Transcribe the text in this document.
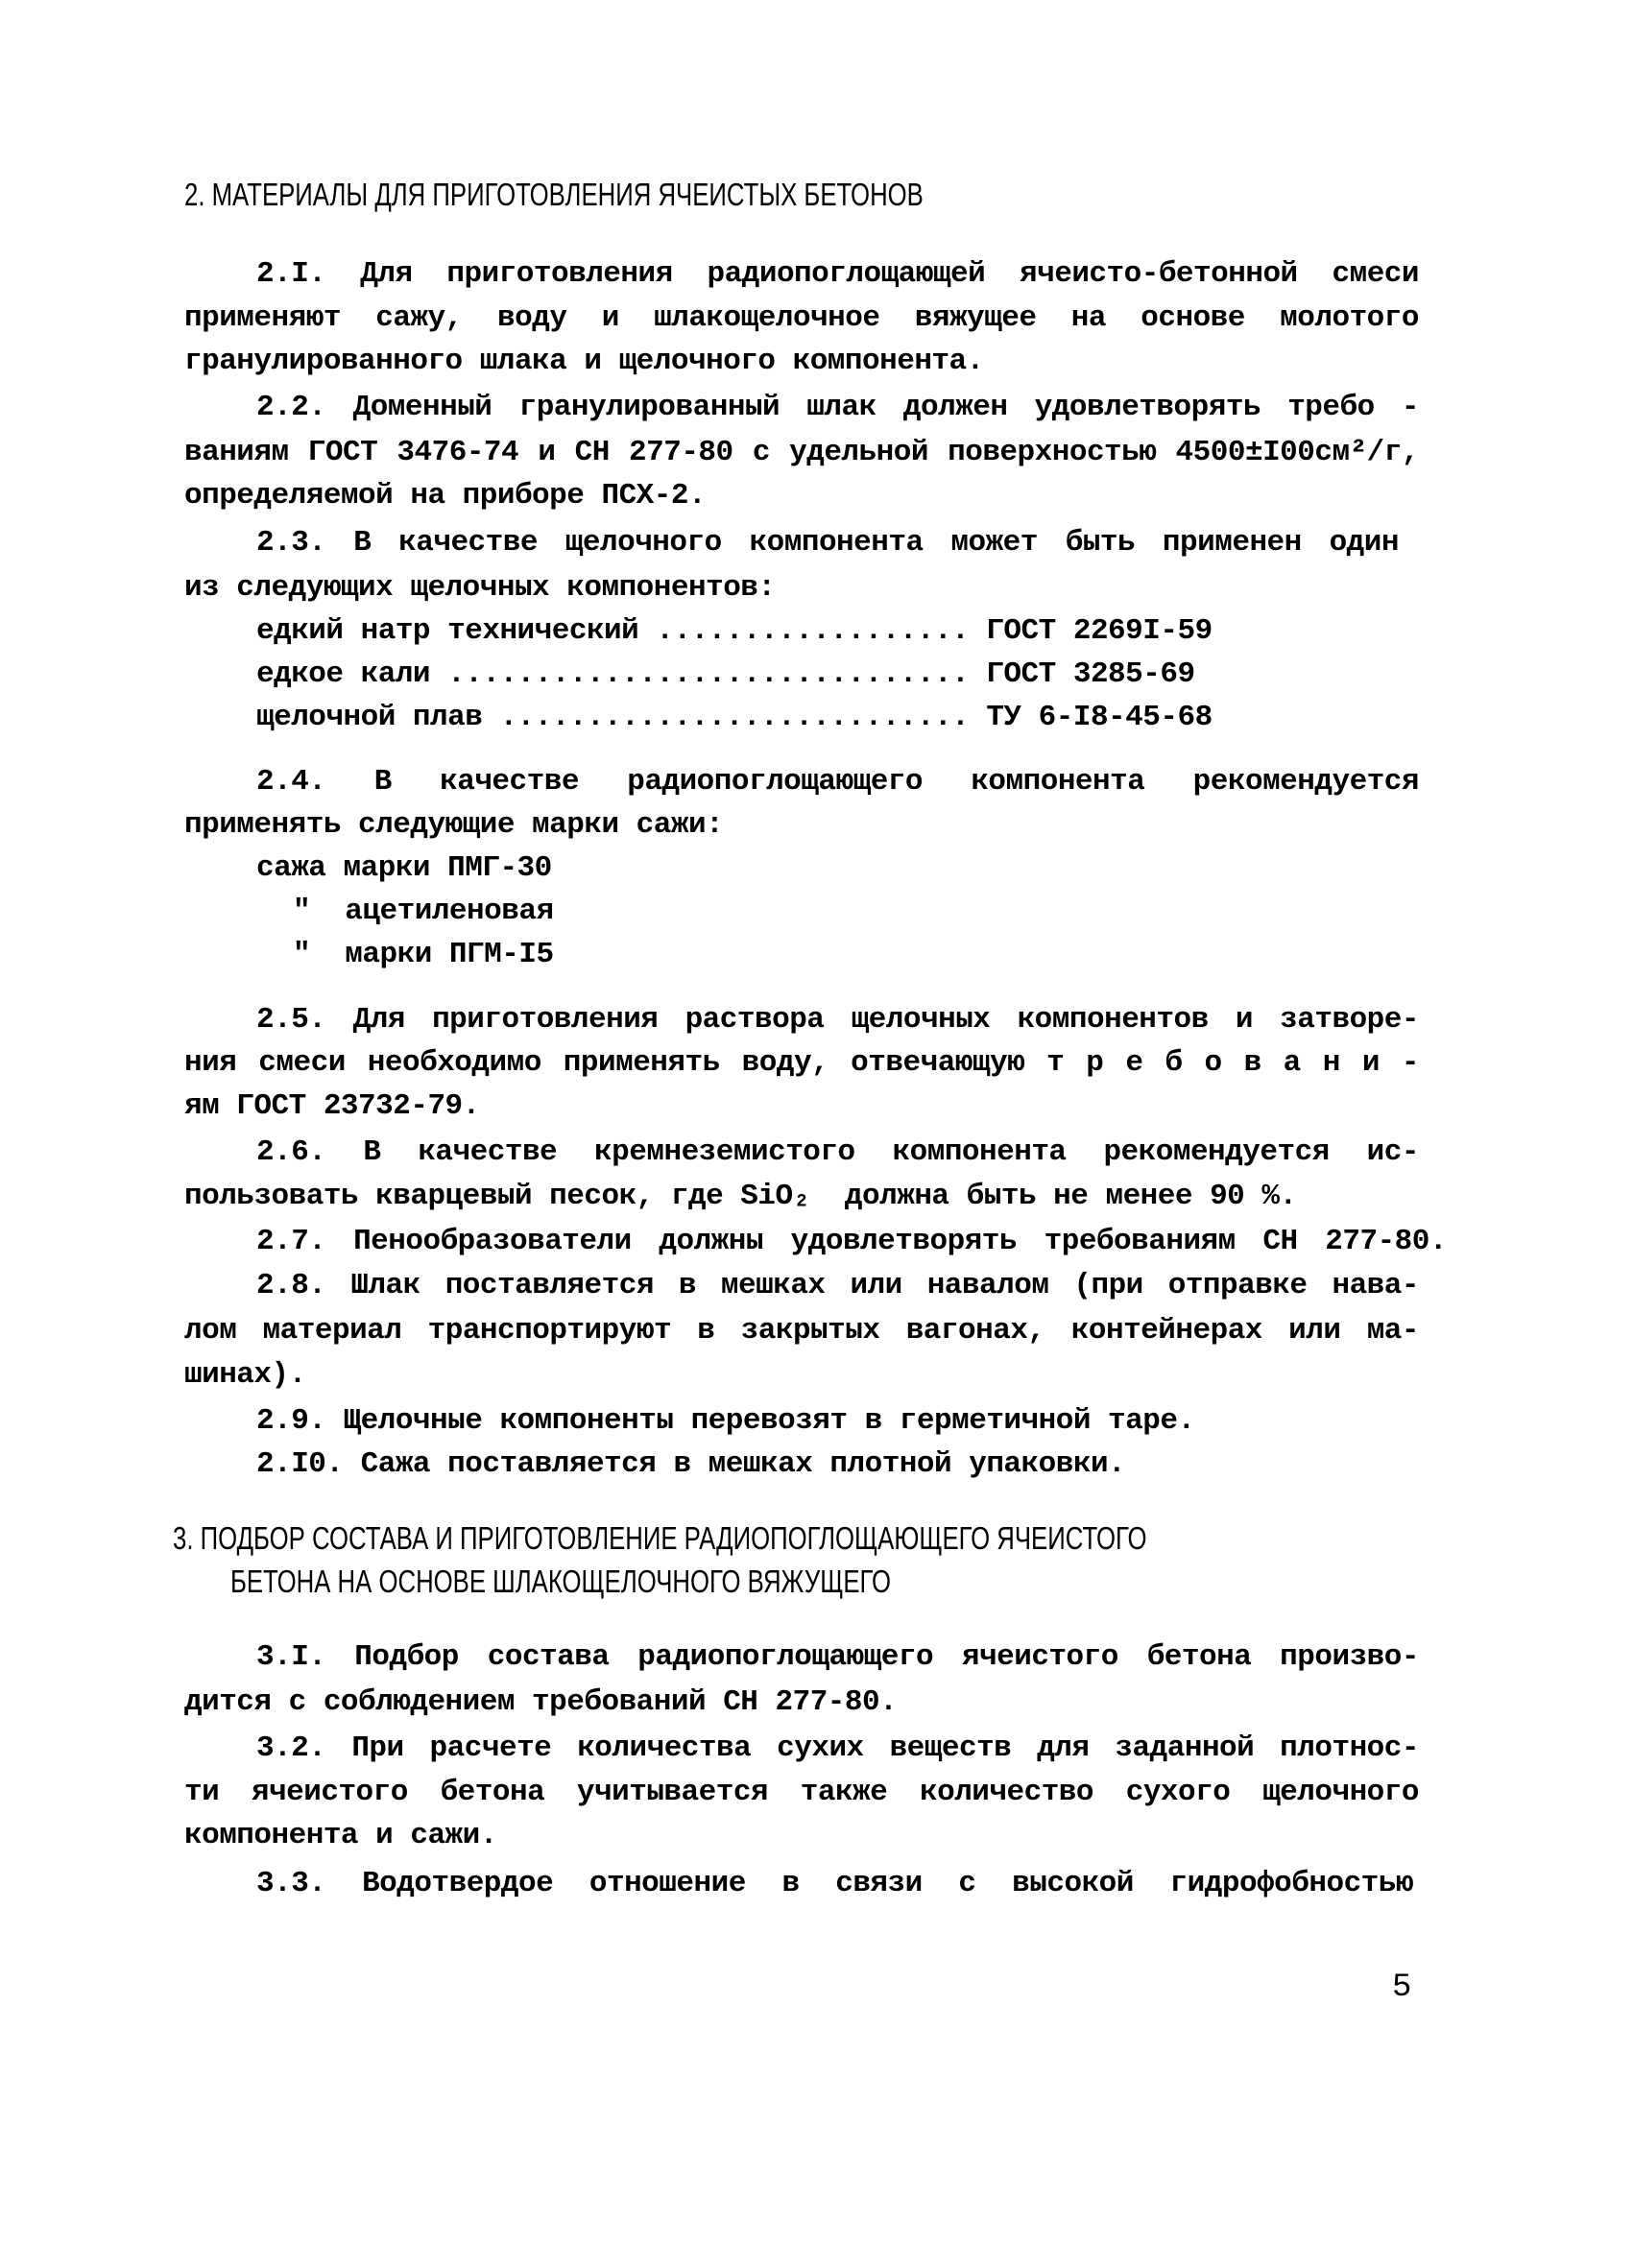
2. МАТЕРИАЛЫ ДЛЯ ПРИГОТОВЛЕНИЯ ЯЧЕИСТЫХ БЕТОНОВ
2.I. Для приготовления радиопоглощающей ячеисто-бетонной смеси
применяют сажу, воду и шлакощелочное вяжущее на основе молотого
гранулированного шлака и щелочного компонента.
2.2. Доменный гранулированный шлак должен удовлетворять требо -
ваниям ГОСТ 3476-74 и СН 277-80 с удельной поверхностью 4500±I00см²/г,
определяемой на приборе ПСХ-2.
2.3. В качестве щелочного компонента может быть применен один
из следующих щелочных компонентов:
едкий натр технический .................. ГОСТ 2269I-59
едкое кали .............................. ГОСТ 3285-69
щелочной плав ........................... ТУ 6-I8-45-68
2.4. В качестве радиопоглощающего компонента рекомендуется
применять следующие марки сажи:
сажа марки ПМГ-30
"  ацетиленовая
"  марки ПГМ-I5
2.5. Для приготовления раствора щелочных компонентов и затворе-
ния смеси необходимо применять воду, отвечающую т р е б о в а н и -
ям ГОСТ 23732-79.
2.6. В качестве кремнеземистого компонента рекомендуется ис-
пользовать кварцевый песок, где SiO₂  должна быть не менее 90 %.
2.7. Пенообразователи должны удовлетворять требованиям СН 277-80.
2.8. Шлак поставляется в мешках или навалом (при отправке нава-
лом материал транспортируют в закрытых вагонах, контейнерах или ма-
шинах).
2.9. Щелочные компоненты перевозят в герметичной таре.
2.I0. Сажа поставляется в мешках плотной упаковки.
3. ПОДБОР СОСТАВА И ПРИГОТОВЛЕНИЕ РАДИОПОГЛОЩАЮЩЕГО ЯЧЕИСТОГО
БЕТОНА НА ОСНОВЕ ШЛАКОЩЕЛОЧНОГО ВЯЖУЩЕГО
3.I. Подбор состава радиопоглощающего ячеистого бетона произво-
дится с соблюдением требований СН 277-80.
3.2. При расчете количества сухих веществ для заданной плотнос-
ти ячеистого бетона учитывается также количество сухого щелочного
компонента и сажи.
3.3. Водотвердое отношение в связи с высокой гидрофобностью
5
